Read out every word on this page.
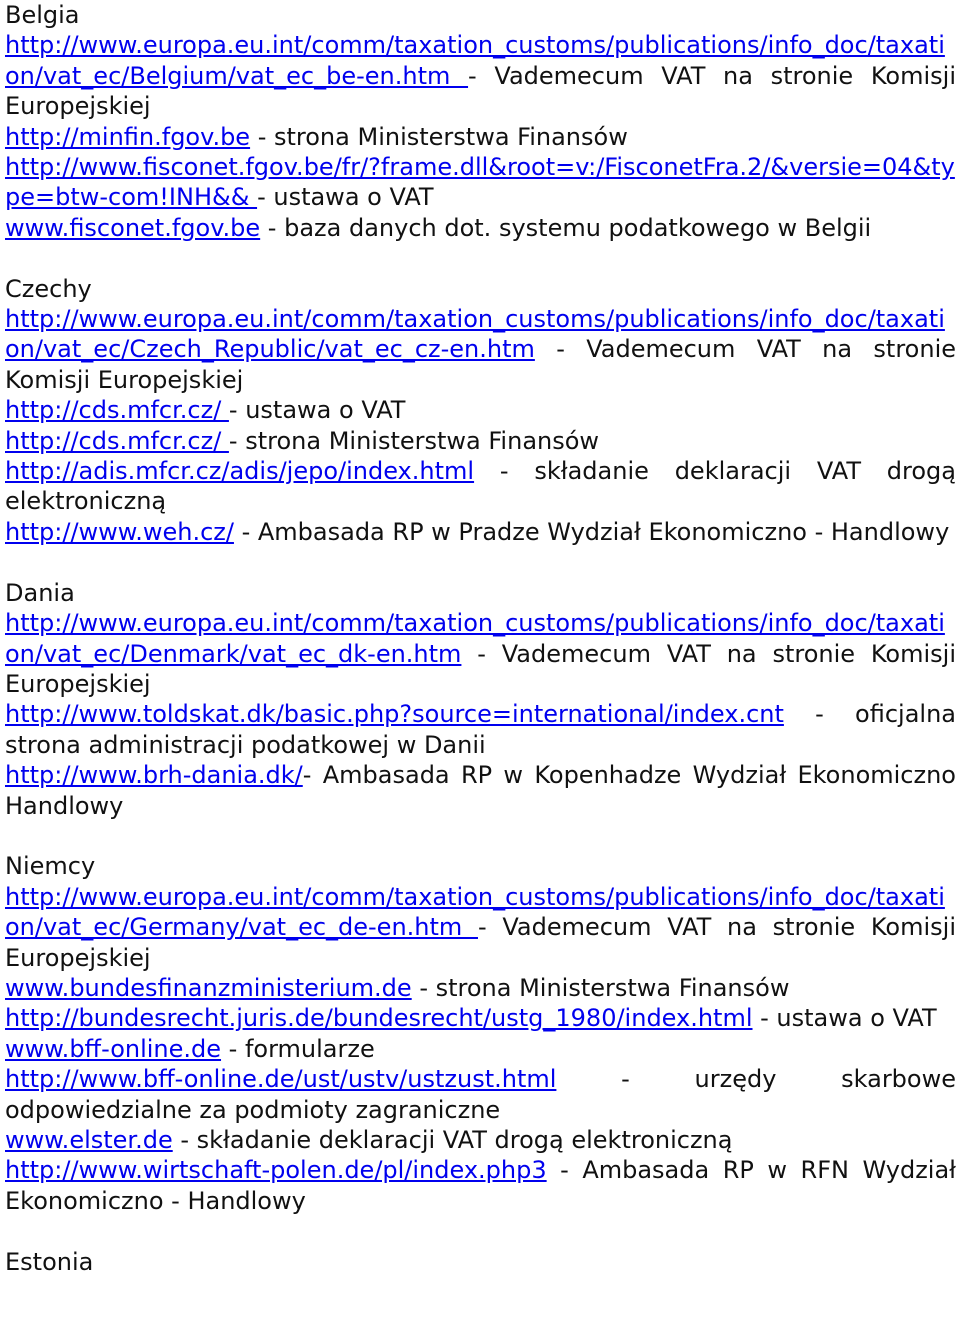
Belgia
http://www.europa.eu.int/comm/taxation_customs/publications/info_doc/taxation/vat_ec/Belgium/vat_ec_be-en.htm - Vademecum VAT na stronie Komisji Europejskiej
http://minfin.fgov.be - strona Ministerstwa Finansów
http://www.fisconet.fgov.be/fr/?frame.dll&root=v:/FisconetFra.2/&versie=04&type=btw-com!INH&& - ustawa o VAT
www.fisconet.fgov.be - baza danych dot. systemu podatkowego w Belgii
Czechy
http://www.europa.eu.int/comm/taxation_customs/publications/info_doc/taxation/vat_ec/Czech_Republic/vat_ec_cz-en.htm - Vademecum VAT na stronie Komisji Europejskiej
http://cds.mfcr.cz/ - ustawa o VAT
http://cds.mfcr.cz/ - strona Ministerstwa Finansów
http://adis.mfcr.cz/adis/jepo/index.html - składanie deklaracji VAT drogą elektroniczną
http://www.weh.cz/ - Ambasada RP w Pradze Wydział Ekonomiczno - Handlowy
Dania
http://www.europa.eu.int/comm/taxation_customs/publications/info_doc/taxation/vat_ec/Denmark/vat_ec_dk-en.htm - Vademecum VAT na stronie Komisji Europejskiej
http://www.toldskat.dk/basic.php?source=international/index.cnt - oficjalna strona administracji podatkowej w Danii
http://www.brh-dania.dk/- Ambasada RP w Kopenhadze Wydział Ekonomiczno Handlowy
Niemcy
http://www.europa.eu.int/comm/taxation_customs/publications/info_doc/taxation/vat_ec/Germany/vat_ec_de-en.htm - Vademecum VAT na stronie Komisji Europejskiej
www.bundesfinanzministerium.de - strona Ministerstwa Finansów
http://bundesrecht.juris.de/bundesrecht/ustg_1980/index.html - ustawa o VAT
www.bff-online.de - formularze
http://www.bff-online.de/ust/ustv/ustzust.html - urzędy skarbowe odpowiedzialne za podmioty zagraniczne
www.elster.de - składanie deklaracji VAT drogą elektroniczną
http://www.wirtschaft-polen.de/pl/index.php3 - Ambasada RP w RFN Wydział Ekonomiczno - Handlowy
Estonia
